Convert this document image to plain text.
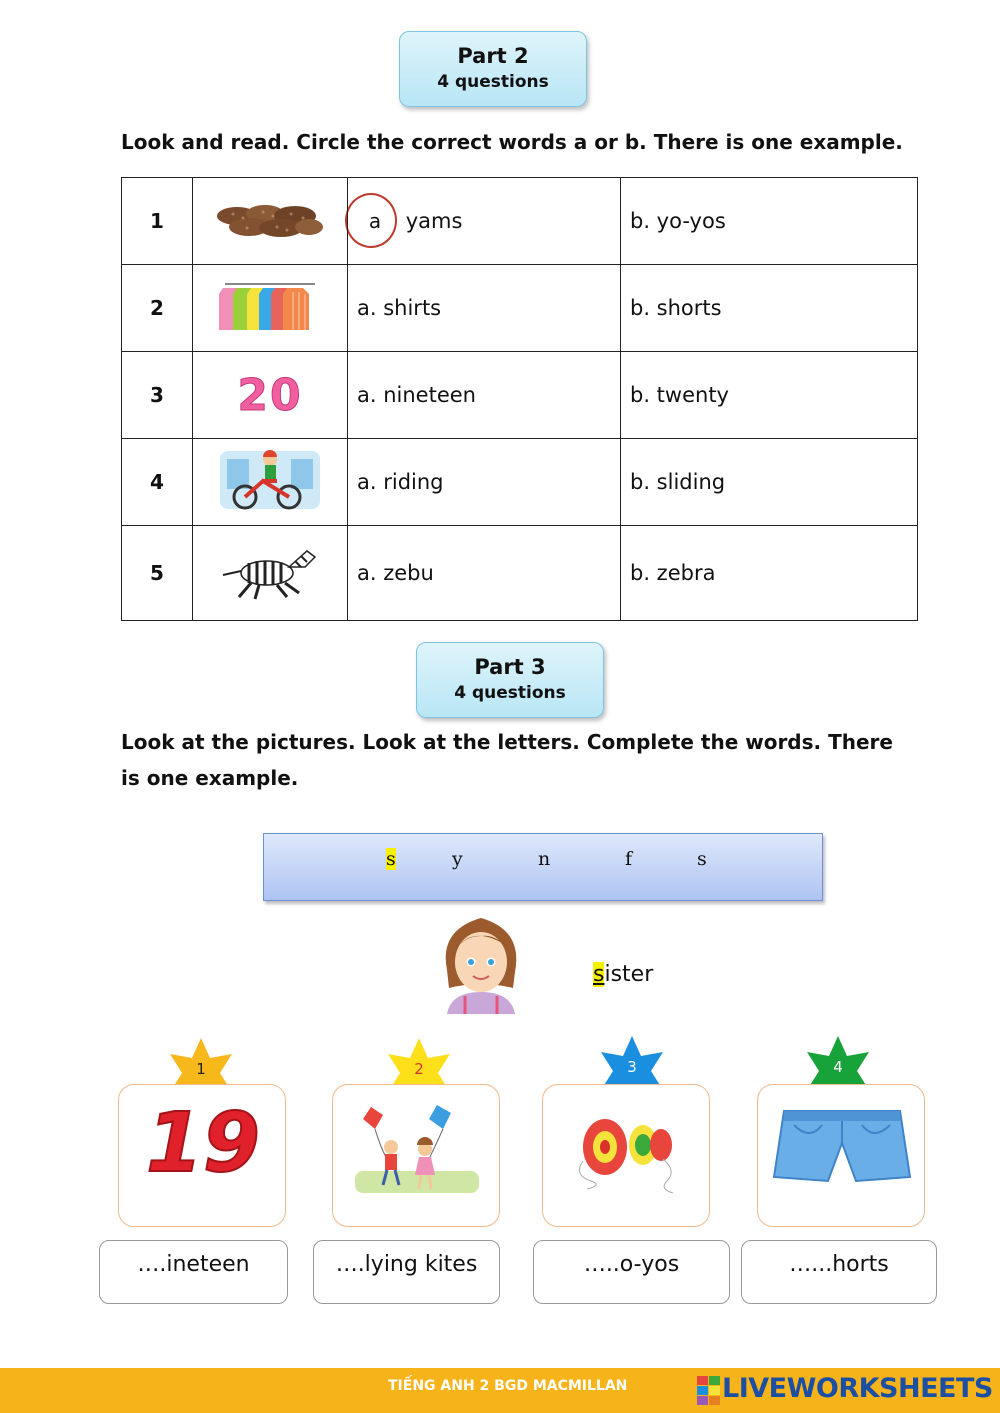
Part 2
4 questions
Look and read. Circle the correct words a or b. There is one example.
1		a yams	b. yo-yos
2		a. shirts	b. shorts
3	20	a. nineteen	b. twenty
4		a. riding	b. sliding
5		a. zebu	b. zebra
Part 3
4 questions
Look at the pictures. Look at the letters. Complete the words. There is one example.
s	y	n	f	s
sister
1	2	3	4
19
….ineteen	….lying kites	…..o-yos	…...horts
TIẾNG ANH 2 BGD MACMILLAN	LIVEWORKSHEETS
